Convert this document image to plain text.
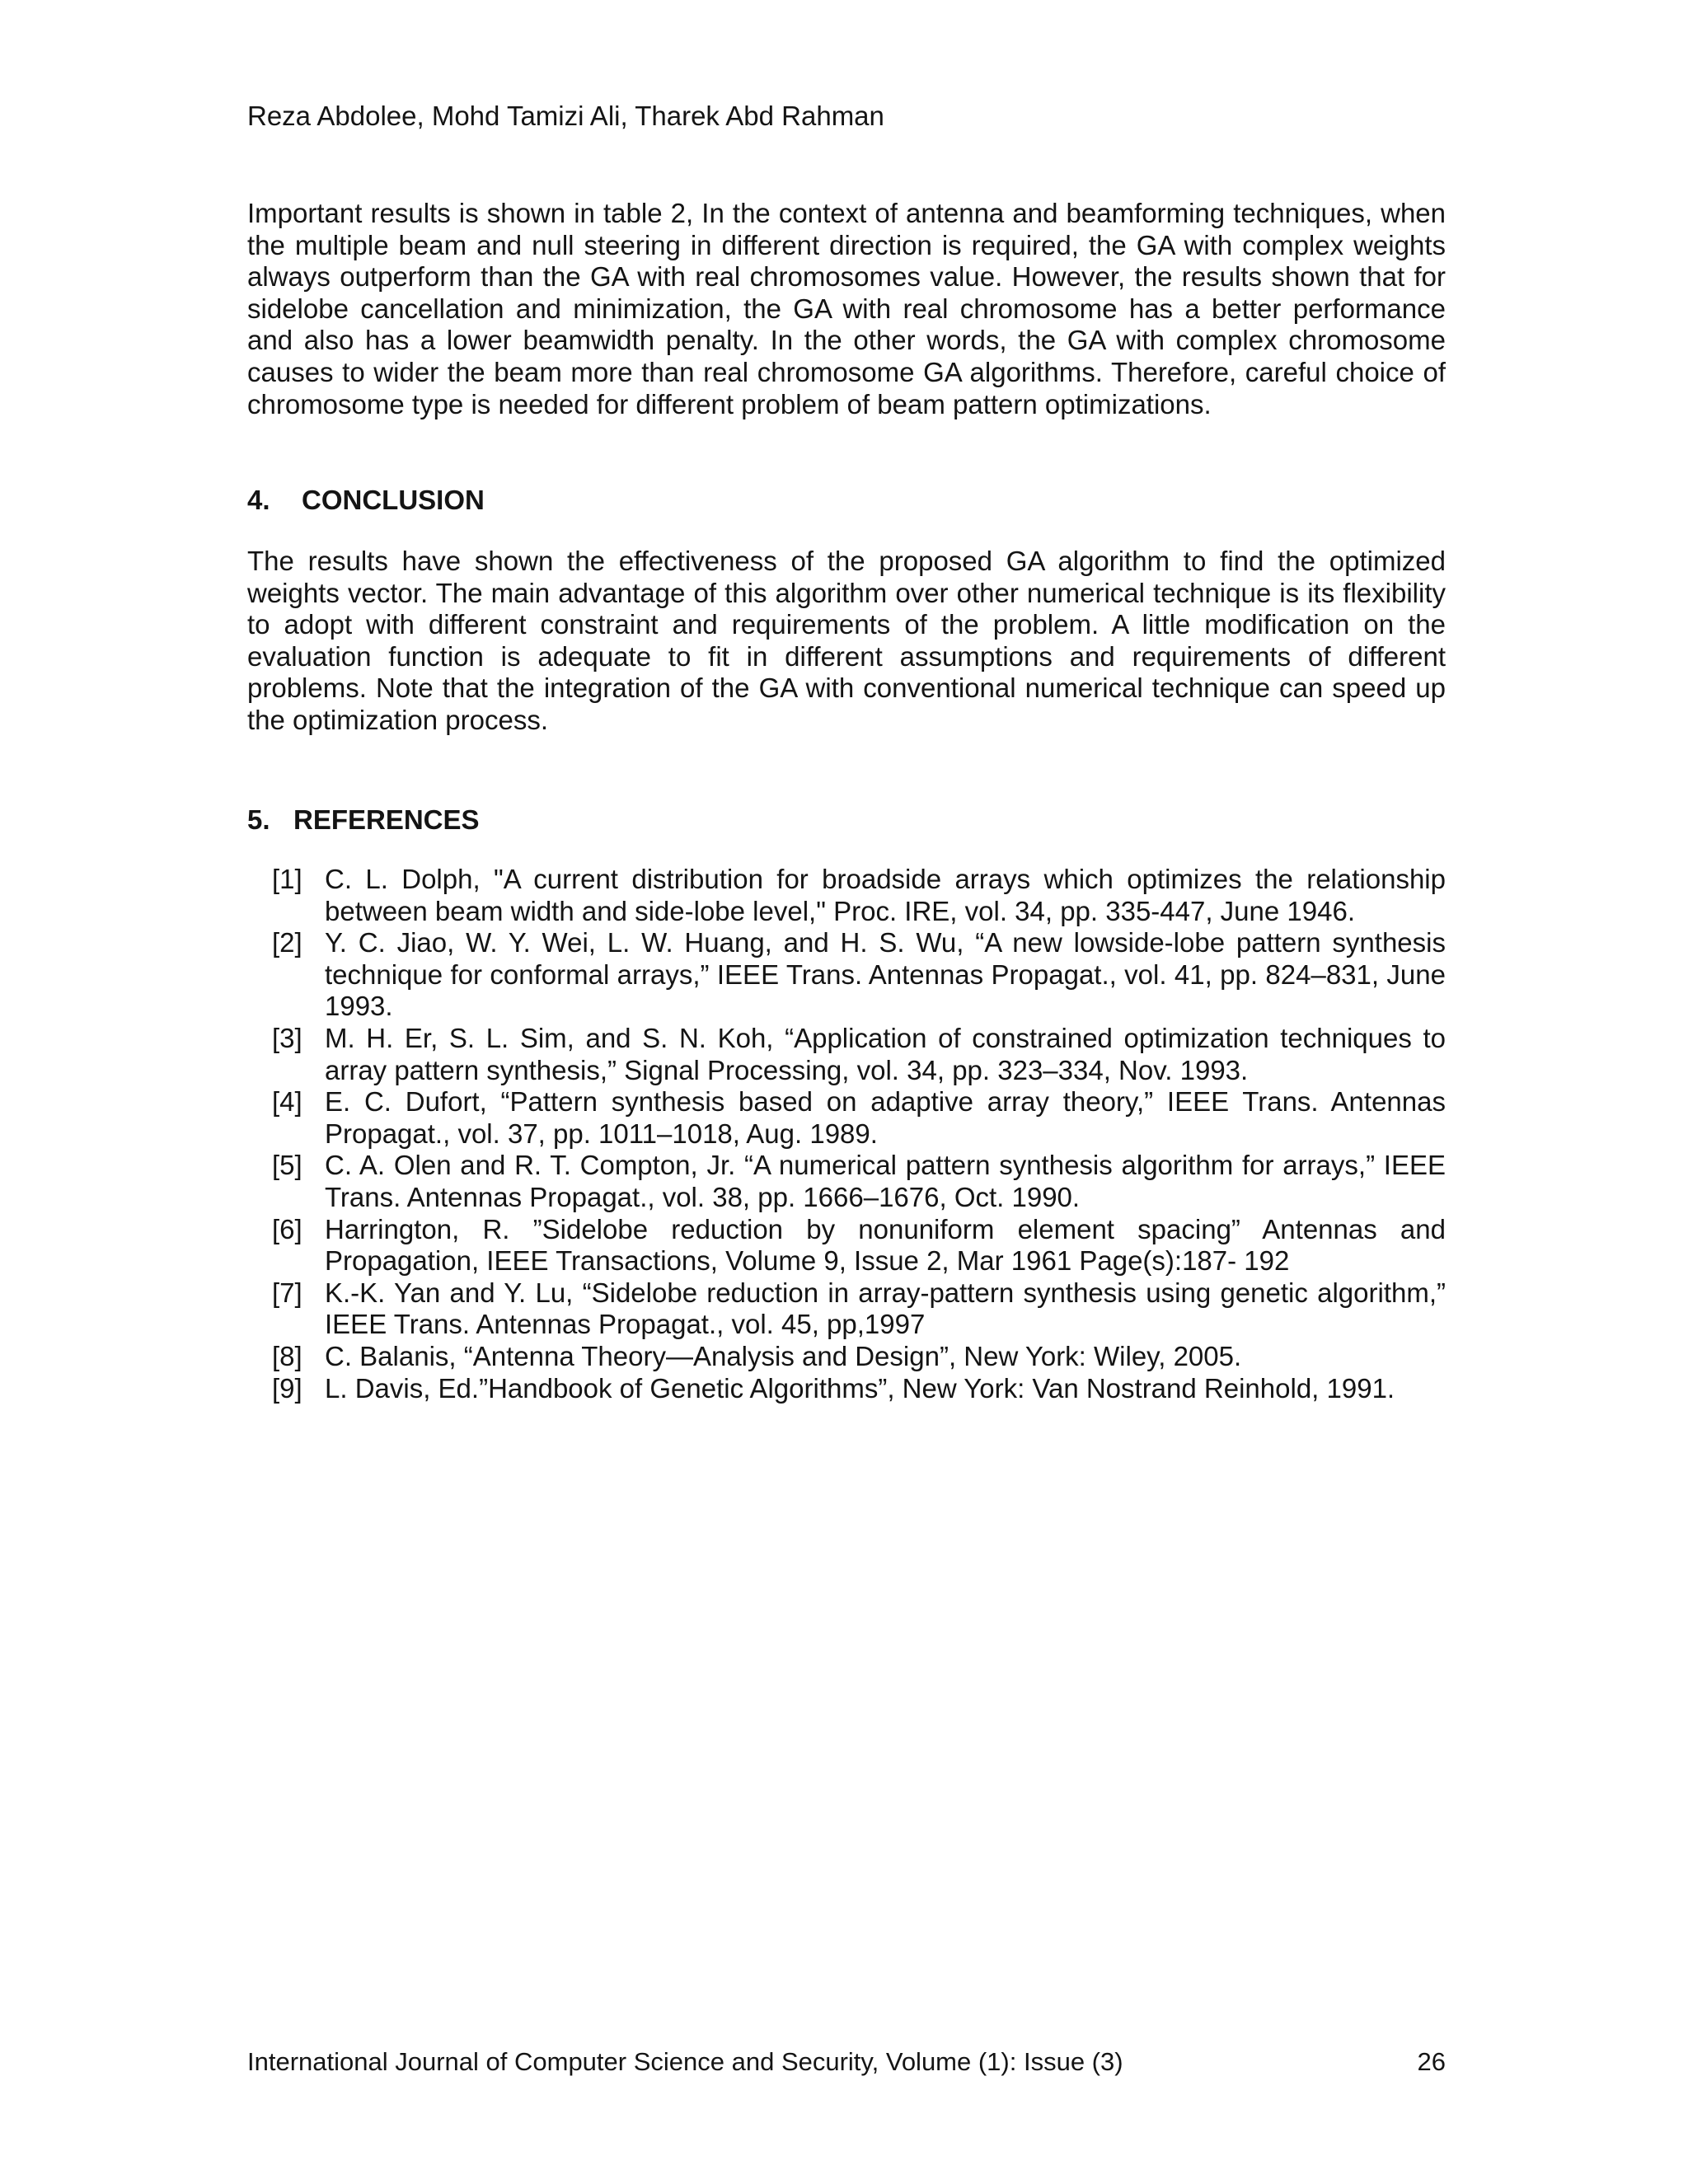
Reza Abdolee, Mohd Tamizi Ali, Tharek Abd Rahman

Important results is shown in table 2, In the context of antenna and beamforming techniques, when the multiple beam and null steering in different direction is required, the GA with complex weights always outperform than the GA with real chromosomes value. However, the results shown that for sidelobe cancellation and minimization, the GA with real chromosome has a better performance and also has a lower beamwidth penalty. In the other words, the GA with complex chromosome causes to wider the beam more than real chromosome GA algorithms. Therefore, careful choice of chromosome type is needed for different problem of beam pattern optimizations.

4. CONCLUSION

The results have shown the effectiveness of the proposed GA algorithm to find the optimized weights vector. The main advantage of this algorithm over other numerical technique is its flexibility to adopt with different constraint and requirements of the problem. A little modification on the evaluation function is adequate to fit in different assumptions and requirements of different problems. Note that the integration of the GA with conventional numerical technique can speed up the optimization process.

5. REFERENCES
[1] C. L. Dolph, "A current distribution for broadside arrays which optimizes the relationship between beam width and side-lobe level," Proc. IRE, vol. 34, pp. 335-447, June 1946.
[2] Y. C. Jiao, W. Y. Wei, L. W. Huang, and H. S. Wu, “A new lowside-lobe pattern synthesis technique for conformal arrays,” IEEE Trans. Antennas Propagat., vol. 41, pp. 824–831, June 1993.
[3] M. H. Er, S. L. Sim, and S. N. Koh, “Application of constrained optimization techniques to array pattern synthesis,” Signal Processing, vol. 34, pp. 323–334, Nov. 1993.
[4] E. C. Dufort, “Pattern synthesis based on adaptive array theory,” IEEE Trans. Antennas Propagat., vol. 37, pp. 1011–1018, Aug. 1989.
[5] C. A. Olen and R. T. Compton, Jr. “A numerical pattern synthesis algorithm for arrays,” IEEE Trans. Antennas Propagat., vol. 38, pp. 1666–1676, Oct. 1990.
[6] Harrington, R. ”Sidelobe reduction by nonuniform element spacing” Antennas and Propagation, IEEE Transactions, Volume 9, Issue 2, Mar 1961 Page(s):187- 192
[7] K.-K. Yan and Y. Lu, “Sidelobe reduction in array-pattern synthesis using genetic algorithm,” IEEE Trans. Antennas Propagat., vol. 45, pp,1997
[8] C. Balanis, “Antenna Theory—Analysis and Design”, New York: Wiley, 2005.
[9] L. Davis, Ed.”Handbook of Genetic Algorithms”, New York: Van Nostrand Reinhold, 1991.
International Journal of Computer Science and Security, Volume (1): Issue (3)	26
